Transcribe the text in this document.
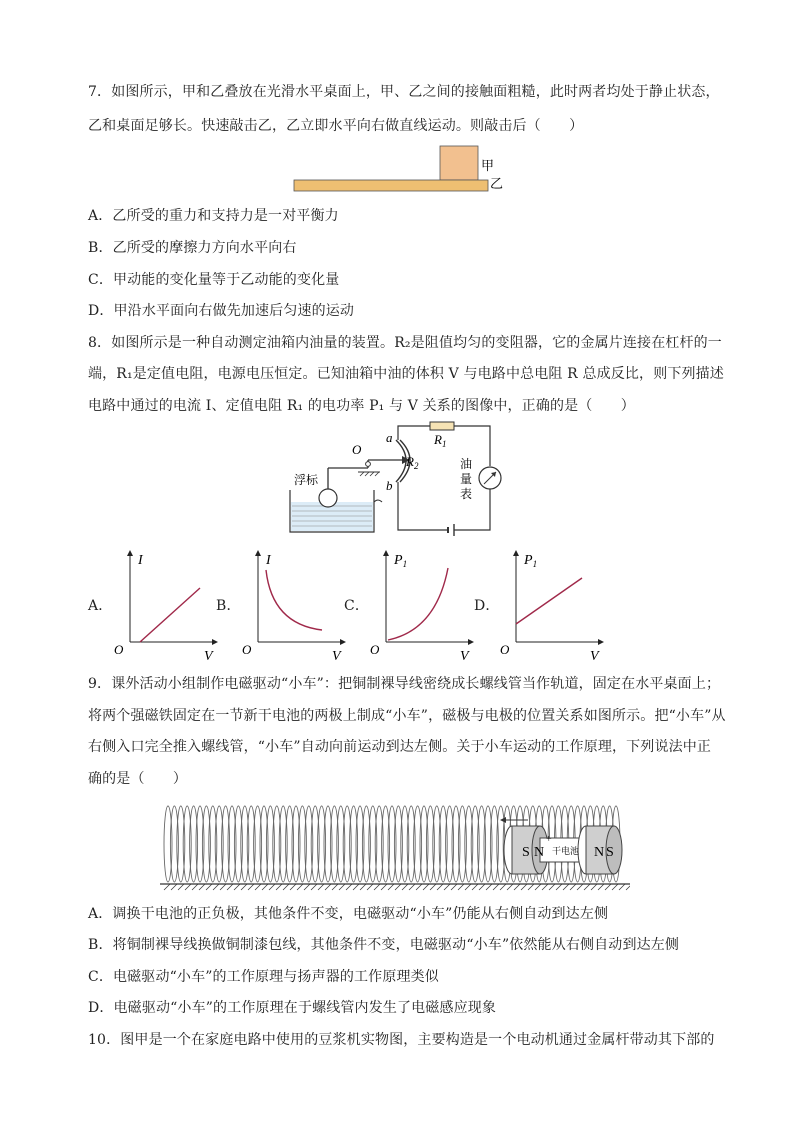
7．如图所示，甲和乙叠放在光滑水平桌面上，甲、乙之间的接触面粗糙，此时两者均处于静止状态，
乙和桌面足够长。快速敲击乙，乙立即水平向右做直线运动。则敲击后（　　）
甲
乙
A．乙所受的重力和支持力是一对平衡力
B．乙所受的摩擦力方向水平向右
C．甲动能的变化量等于乙动能的变化量
D．甲沿水平面向右做先加速后匀速的运动
8．如图所示是一种自动测定油箱内油量的装置。R₂是阻值均匀的变阻器，它的金属片连接在杠杆的一
端，R₁是定值电阻，电源电压恒定。已知油箱中油的体积 V 与电路中总电阻 R 总成反比，则下列描述
电路中通过的电流 I、定值电阻 R₁ 的电功率 P₁ 与 V 关系的图像中，正确的是（　　）
浮标
O
a
b
$R_2$
$R_1$
油
量
表
A．
I
O	V
B．
I
O	V
C．
$P_1$
O	V
D．
$P_1$
O	V
9．课外活动小组制作电磁驱动“小车”：把铜制裸导线密绕成长螺线管当作轨道，固定在水平桌面上；
将两个强磁铁固定在一节新干电池的两极上制成“小车”，磁极与电极的位置关系如图所示。把“小车”从
右侧入口完全推入螺线管，“小车”自动向前运动到达左侧。关于小车运动的工作原理，下列说法中正
确的是（　　）
S N 干电池
+
N S
A．调换干电池的正负极，其他条件不变，电磁驱动“小车”仍能从右侧自动到达左侧
B．将铜制裸导线换做铜制漆包线，其他条件不变，电磁驱动“小车”依然能从右侧自动到达左侧
C．电磁驱动“小车”的工作原理与扬声器的工作原理类似
D．电磁驱动“小车”的工作原理在于螺线管内发生了电磁感应现象
10．图甲是一个在家庭电路中使用的豆浆机实物图，主要构造是一个电动机通过金属杆带动其下部的
